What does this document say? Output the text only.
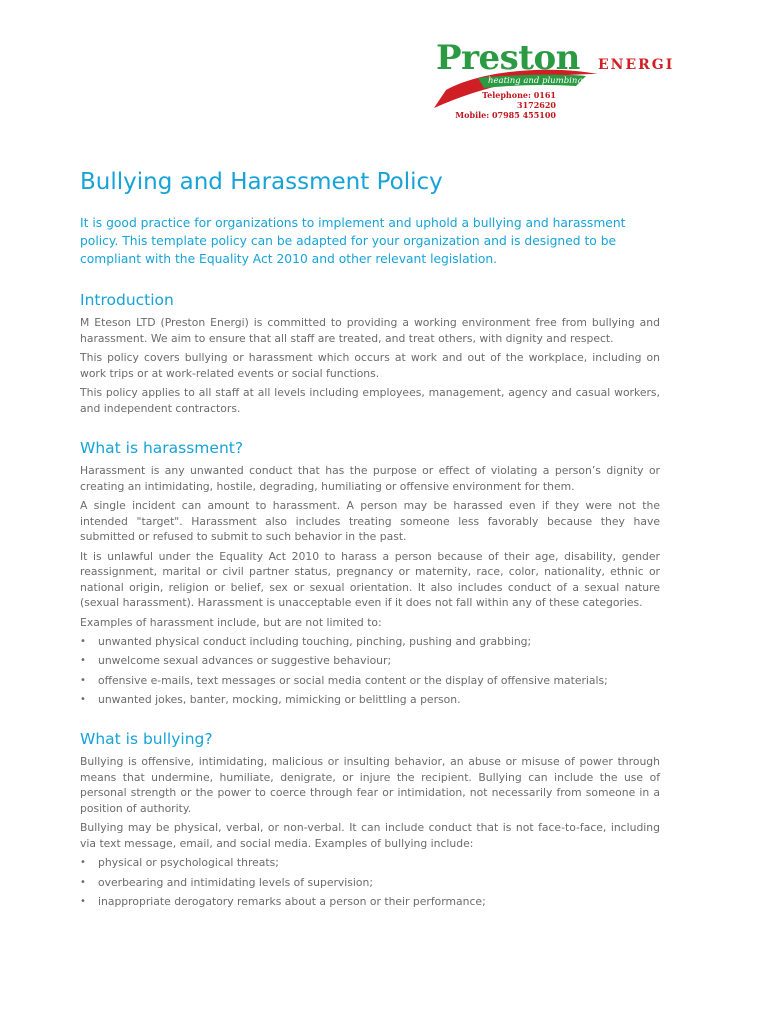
Preston ENERGI
heating and plumbing
Telephone: 0161 3172620
Mobile: 07985 455100
Bullying and Harassment Policy

It is good practice for organizations to implement and uphold a bullying and harassment policy. This template policy can be adapted for your organization and is designed to be compliant with the Equality Act 2010 and other relevant legislation.

Introduction

M Eteson LTD (Preston Energi) is committed to providing a working environment free from bullying and harassment. We aim to ensure that all staff are treated, and treat others, with dignity and respect.

This policy covers bullying or harassment which occurs at work and out of the workplace, including on work trips or at work-related events or social functions.

This policy applies to all staff at all levels including employees, management, agency and casual workers, and independent contractors.

What is harassment?

Harassment is any unwanted conduct that has the purpose or effect of violating a person’s dignity or creating an intimidating, hostile, degrading, humiliating or offensive environment for them.

A single incident can amount to harassment. A person may be harassed even if they were not the intended "target". Harassment also includes treating someone less favorably because they have submitted or refused to submit to such behavior in the past.

It is unlawful under the Equality Act 2010 to harass a person because of their age, disability, gender reassignment, marital or civil partner status, pregnancy or maternity, race, color, nationality, ethnic or national origin, religion or belief, sex or sexual orientation. It also includes conduct of a sexual nature (sexual harassment). Harassment is unacceptable even if it does not fall within any of these categories.

Examples of harassment include, but are not limited to:

• unwanted physical conduct including touching, pinching, pushing and grabbing;
• unwelcome sexual advances or suggestive behaviour;
• offensive e-mails, text messages or social media content or the display of offensive materials;
• unwanted jokes, banter, mocking, mimicking or belittling a person.
What is bullying?

Bullying is offensive, intimidating, malicious or insulting behavior, an abuse or misuse of power through means that undermine, humiliate, denigrate, or injure the recipient. Bullying can include the use of personal strength or the power to coerce through fear or intimidation, not necessarily from someone in a position of authority.

Bullying may be physical, verbal, or non-verbal. It can include conduct that is not face-to-face, including via text message, email, and social media. Examples of bullying include:

• physical or psychological threats;
• overbearing and intimidating levels of supervision;
• inappropriate derogatory remarks about a person or their performance;
